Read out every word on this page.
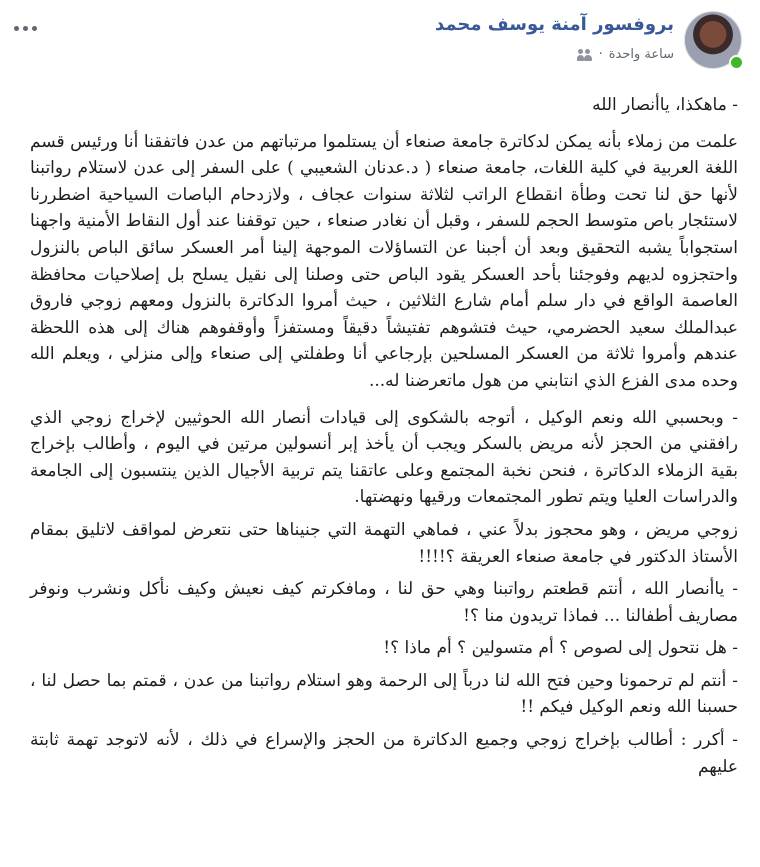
بروفسور آمنة يوسف محمد
ساعة واحدة
·

- ماهكذا، ياأنصار الله

علمت من زملاء بأنه يمكن لدكاترة جامعة صنعاء أن يستلموا مرتباتهم من عدن فاتفقنا أنا ورئيس قسم اللغة العربية في كلية اللغات، جامعة صنعاء ( د.عدنان الشعيبي ) على السفر إلى عدن لاستلام رواتبنا لأنها حق لنا تحت وطأة انقطاع الراتب لثلاثة سنوات عجاف ، ولازدحام الباصات السياحية اضطررنا لاستئجار باص متوسط الحجم للسفر ، وقبل أن نغادر صنعاء ، حين توقفنا عند أول النقاط الأمنية واجهنا استجواباً يشبه التحقيق وبعد أن أجبنا عن التساؤلات الموجهة إلينا أمر العسكر سائق الباص بالنزول واحتجزوه لديهم وفوجئنا بأحد العسكر يقود الباص حتى وصلنا إلى نقيل يسلح بل إصلاحيات محافظة العاصمة الواقع في دار سلم أمام شارع الثلاثين ، حيث أمروا الدكاترة بالنزول ومعهم زوجي فاروق عبدالملك سعيد الحضرمي، حيث فتشوهم تفتيشاً دقيقاً ومستفزاً وأوقفوهم هناك إلى هذه اللحظة عندهم وأمروا ثلاثة من العسكر المسلحين بإرجاعي أنا وطفلتي إلى صنعاء وإلى منزلي ، ويعلم الله وحده مدى الفزع الذي انتابني من هول ماتعرضنا له...

- وبحسبي الله ونعم الوكيل ، أتوجه بالشكوى إلى قيادات أنصار الله الحوثيين لإخراج زوجي الذي رافقني من الحجز لأنه مريض بالسكر ويجب أن يأخذ إبر أنسولين مرتين في اليوم ، وأطالب بإخراج بقية الزملاء الدكاترة ، فنحن نخبة المجتمع وعلى عاتقنا يتم تربية الأجيال الذين ينتسبون إلى الجامعة والدراسات العليا ويتم تطور المجتمعات ورقيها ونهضتها.

زوجي مريض ، وهو محجوز بدلاً عني ، فماهي التهمة التي جنيناها حتى نتعرض لمواقف لاتليق بمقام الأستاذ الدكتور في جامعة صنعاء العريقة ؟!!!!

- ياأنصار الله ، أنتم قطعتم رواتبنا وهي حق لنا ، ومافكرتم كيف نعيش وكيف نأكل ونشرب ونوفر مصاريف أطفالنا ... فماذا تريدون منا ؟!

- هل نتحول إلى لصوص ؟ أم متسولين ؟ أم ماذا ؟!

- أنتم لم ترحمونا وحين فتح الله لنا درباً إلى الرحمة وهو استلام رواتبنا من عدن ، قمتم بما حصل لنا ، حسبنا الله ونعم الوكيل فيكم !!

- أكرر : أطالب بإخراج زوجي وجميع الدكاترة من الحجز والإسراع في ذلك ، لأنه لاتوجد تهمة ثابتة عليهم
